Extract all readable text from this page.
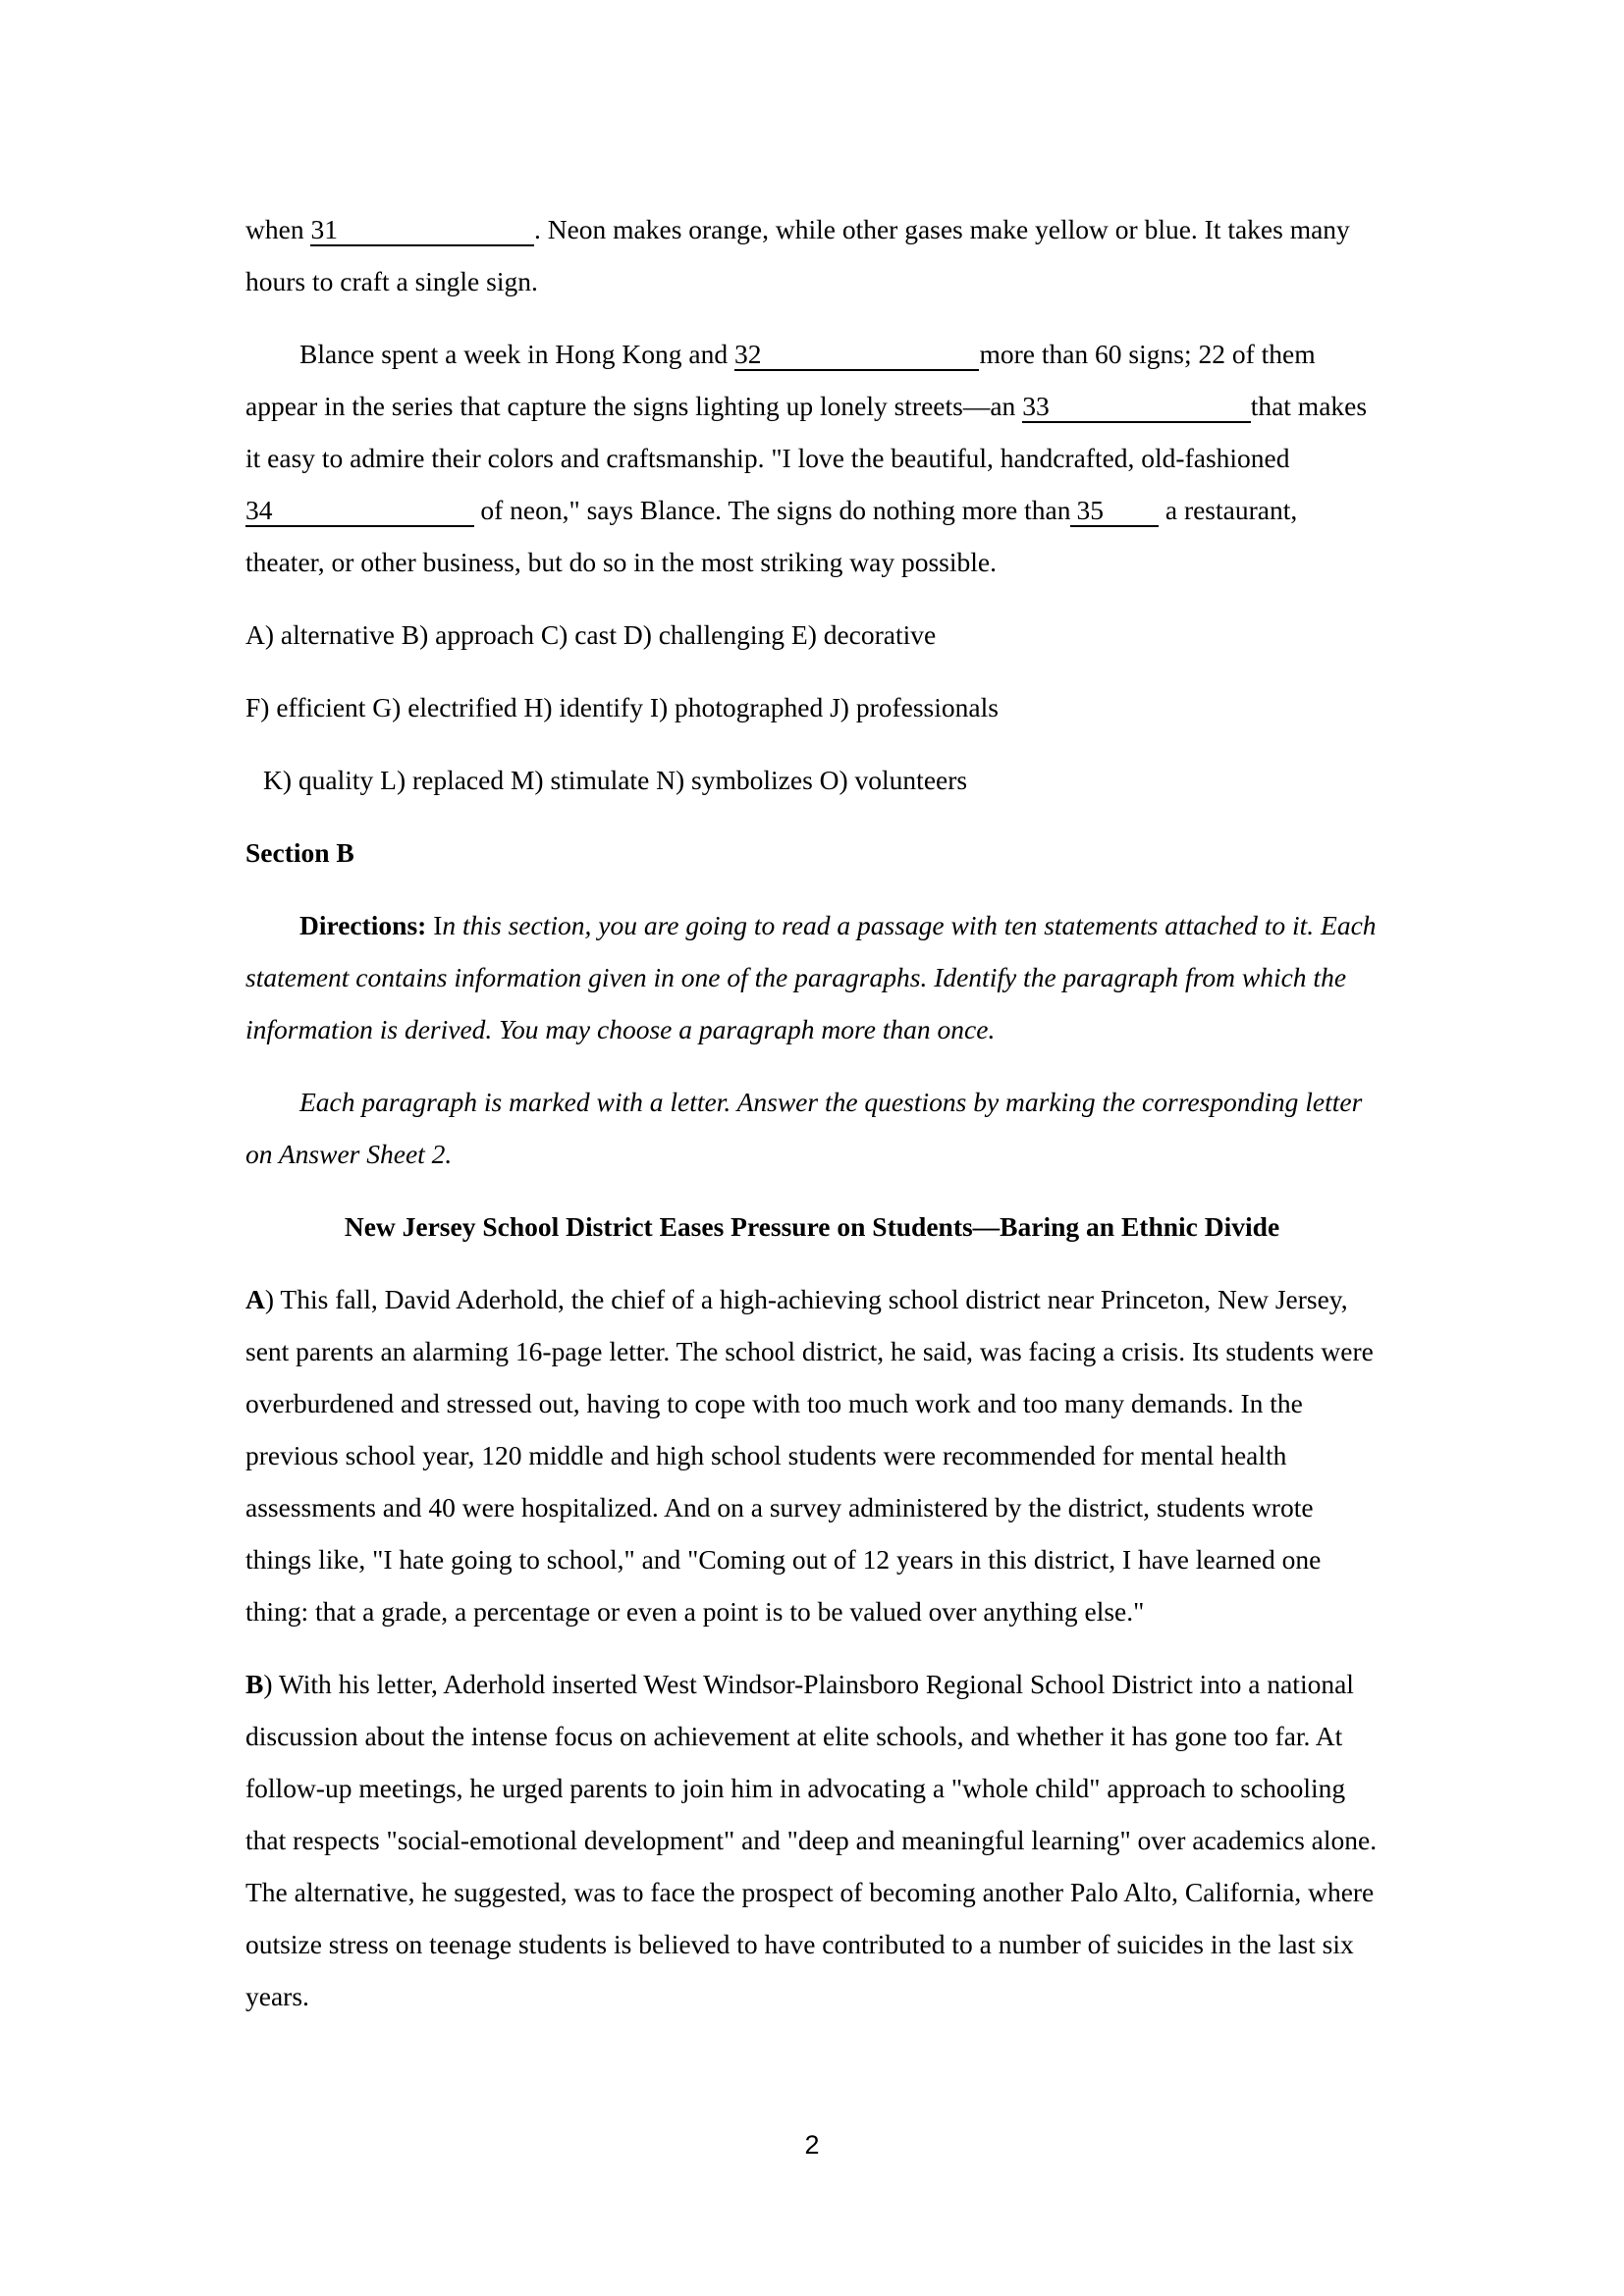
when 31	. Neon makes orange, while other gases make yellow or blue. It takes many hours to craft a single sign.

Blance spent a week in Hong Kong and 32	more than 60 signs; 22 of them appear in the series that capture the signs lighting up lonely streets—an 33	that makes it easy to admire their colors and craftsmanship. "I love the beautiful, handcrafted, old-fashioned 34	of neon," says Blance. The signs do nothing more than 35 a restaurant, theater, or other business, but do so in the most striking way possible.

A) alternative B) approach C) cast D) challenging E) decorative

F) efficient G) electrified H) identify I) photographed J) professionals

K) quality L) replaced M) stimulate N) symbolizes O) volunteers

Section B

Directions: In this section, you are going to read a passage with ten statements attached to it. Each statement contains information given in one of the paragraphs. Identify the paragraph from which the information is derived. You may choose a paragraph more than once.

Each paragraph is marked with a letter. Answer the questions by marking the corresponding letter on Answer Sheet 2.

New Jersey School District Eases Pressure on Students—Baring an Ethnic Divide

A) This fall, David Aderhold, the chief of a high-achieving school district near Princeton, New Jersey, sent parents an alarming 16-page letter. The school district, he said, was facing a crisis. Its students were overburdened and stressed out, having to cope with too much work and too many demands. In the previous school year, 120 middle and high school students were recommended for mental health assessments and 40 were hospitalized. And on a survey administered by the district, students wrote things like, "I hate going to school," and "Coming out of 12 years in this district, I have learned one thing: that a grade, a percentage or even a point is to be valued over anything else."

B) With his letter, Aderhold inserted West Windsor-Plainsboro Regional School District into a national discussion about the intense focus on achievement at elite schools, and whether it has gone too far. At follow-up meetings, he urged parents to join him in advocating a "whole child" approach to schooling that respects "social-emotional development" and "deep and meaningful learning" over academics alone. The alternative, he suggested, was to face the prospect of becoming another Palo Alto, California, where outsize stress on teenage students is believed to have contributed to a number of suicides in the last six years.

2
